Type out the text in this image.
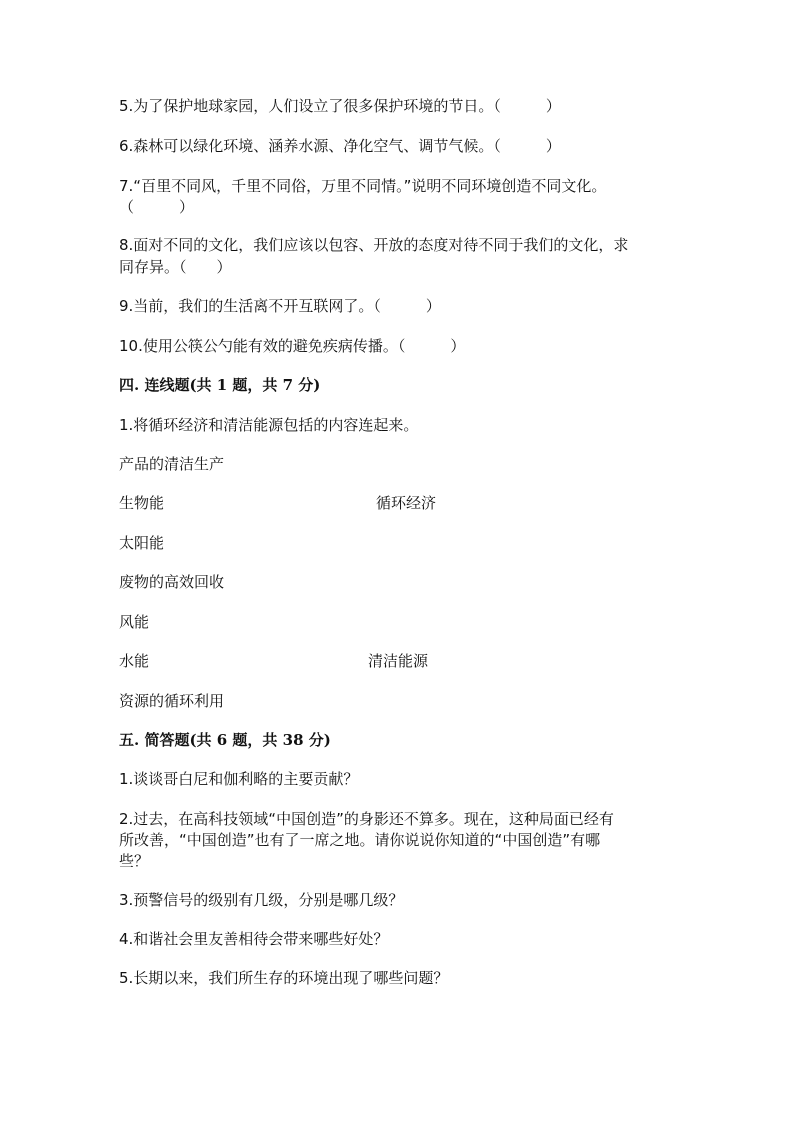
5.为了保护地球家园，人们设立了很多保护环境的节日。（　　　）
6.森林可以绿化环境、涵养水源、净化空气、调节气候。（　　　）
7.“百里不同风，千里不同俗，万里不同情。”说明不同环境创造不同文化。
（　　　）
8.面对不同的文化，我们应该以包容、开放的态度对待不同于我们的文化，求
同存异。（　　）
9.当前，我们的生活离不开互联网了。（　　　）
10.使用公筷公勺能有效的避免疾病传播。（　　　）
四. 连线题(共 1 题，共 7 分)
1.将循环经济和清洁能源包括的内容连起来。
产品的清洁生产
生物能	循环经济
太阳能
废物的高效回收
风能
水能	清洁能源
资源的循环利用
五. 简答题(共 6 题，共 38 分)
1.谈谈哥白尼和伽利略的主要贡献？
2.过去，在高科技领域“中国创造”的身影还不算多。现在，这种局面已经有
所改善，“中国创造”也有了一席之地。请你说说你知道的“中国创造”有哪
些？
3.预警信号的级别有几级，分别是哪几级？
4.和谐社会里友善相待会带来哪些好处？
5.长期以来，我们所生存的环境出现了哪些问题？
